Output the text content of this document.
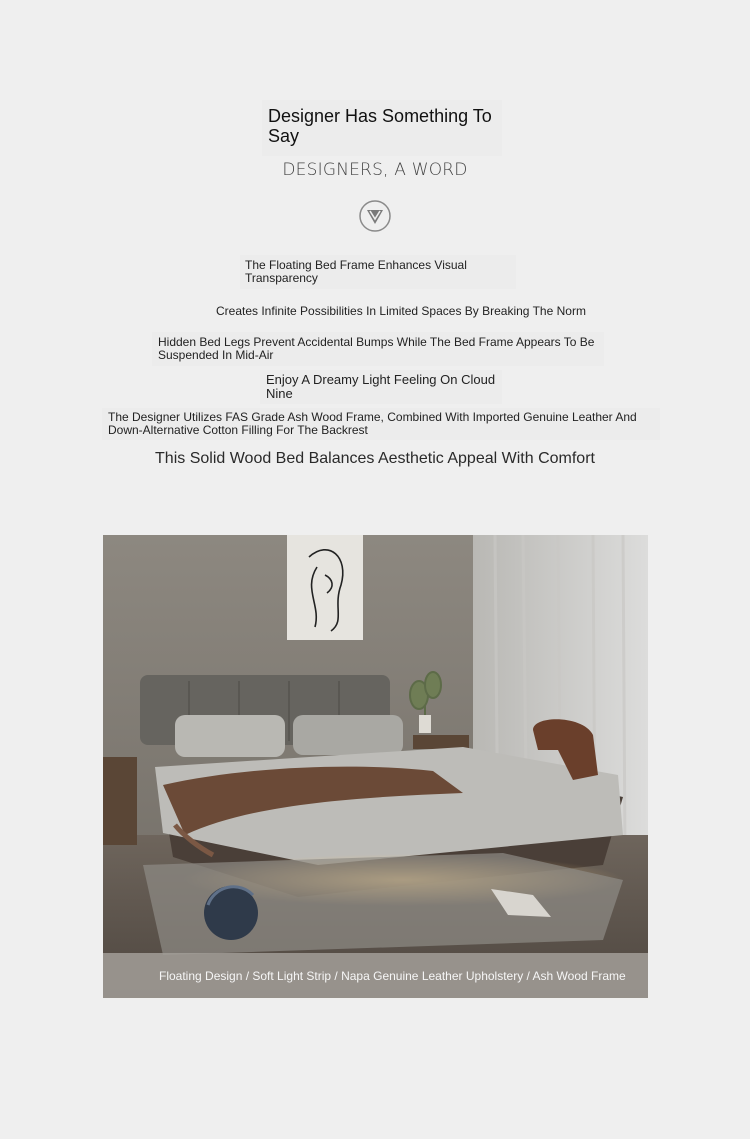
Designer Has Something To Say
DESIGNERS, A WORD
The Floating Bed Frame Enhances Visual Transparency
Creates Infinite Possibilities In Limited Spaces By Breaking The Norm
Hidden Bed Legs Prevent Accidental Bumps While The Bed Frame Appears To Be Suspended In Mid-Air
Enjoy A Dreamy Light Feeling On Cloud Nine
The Designer Utilizes FAS Grade Ash Wood Frame, Combined With Imported Genuine Leather And Down-Alternative Cotton Filling For The Backrest
This Solid Wood Bed Balances Aesthetic Appeal With Comfort
Floating Design / Soft Light Strip / Napa Genuine Leather Upholstery / Ash Wood Frame
